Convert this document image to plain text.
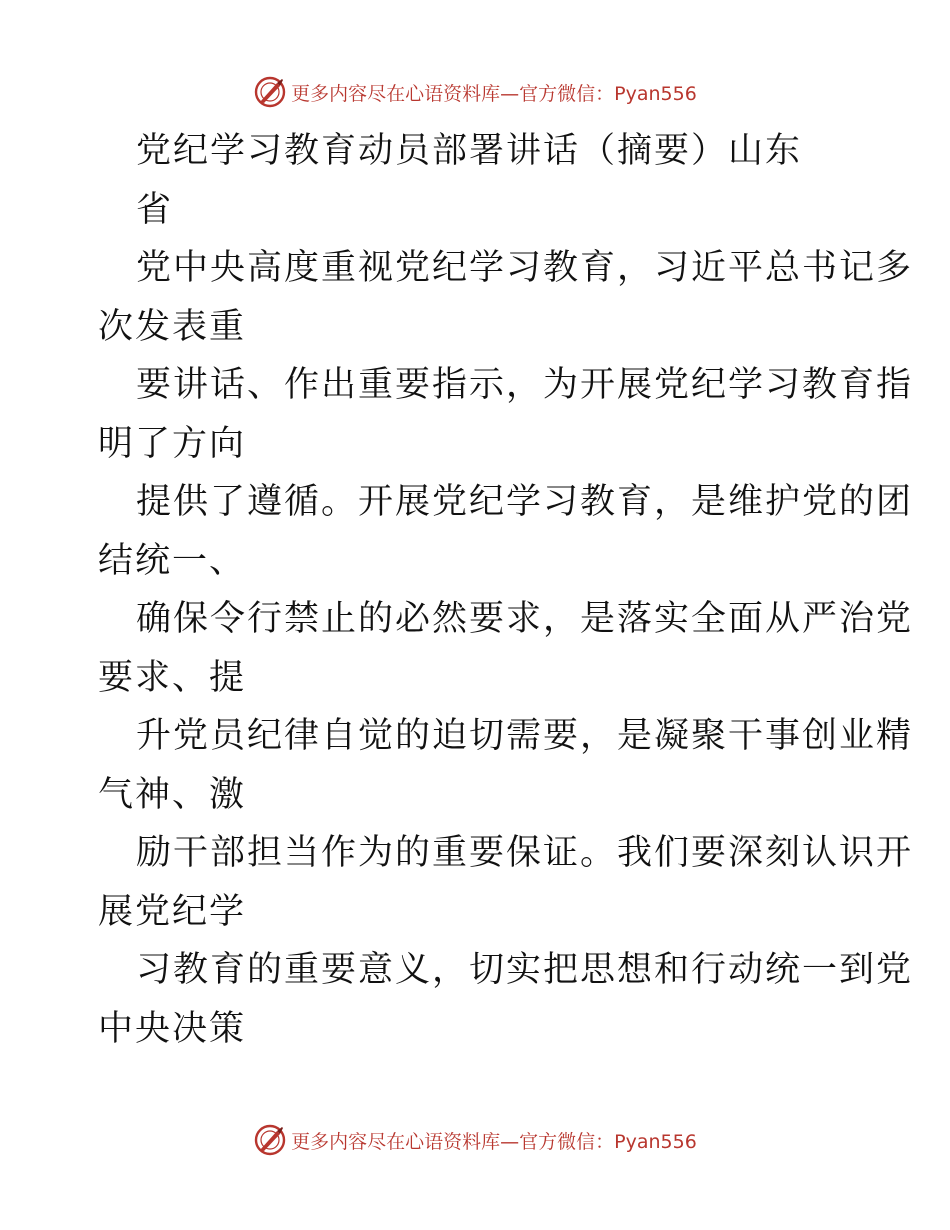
更多内容尽在心语资料库—官方微信：Pyan556
党纪学习教育动员部署讲话（摘要）山东
省
党中央高度重视党纪学习教育，习近平总书记多
次发表重
要讲话、作出重要指示，为开展党纪学习教育指
明了方向
提供了遵循。开展党纪学习教育，是维护党的团
结统一、
确保令行禁止的必然要求，是落实全面从严治党
要求、提
升党员纪律自觉的迫切需要，是凝聚干事创业精
气神、激
励干部担当作为的重要保证。我们要深刻认识开
展党纪学
习教育的重要意义，切实把思想和行动统一到党
中央决策
更多内容尽在心语资料库—官方微信：Pyan556
